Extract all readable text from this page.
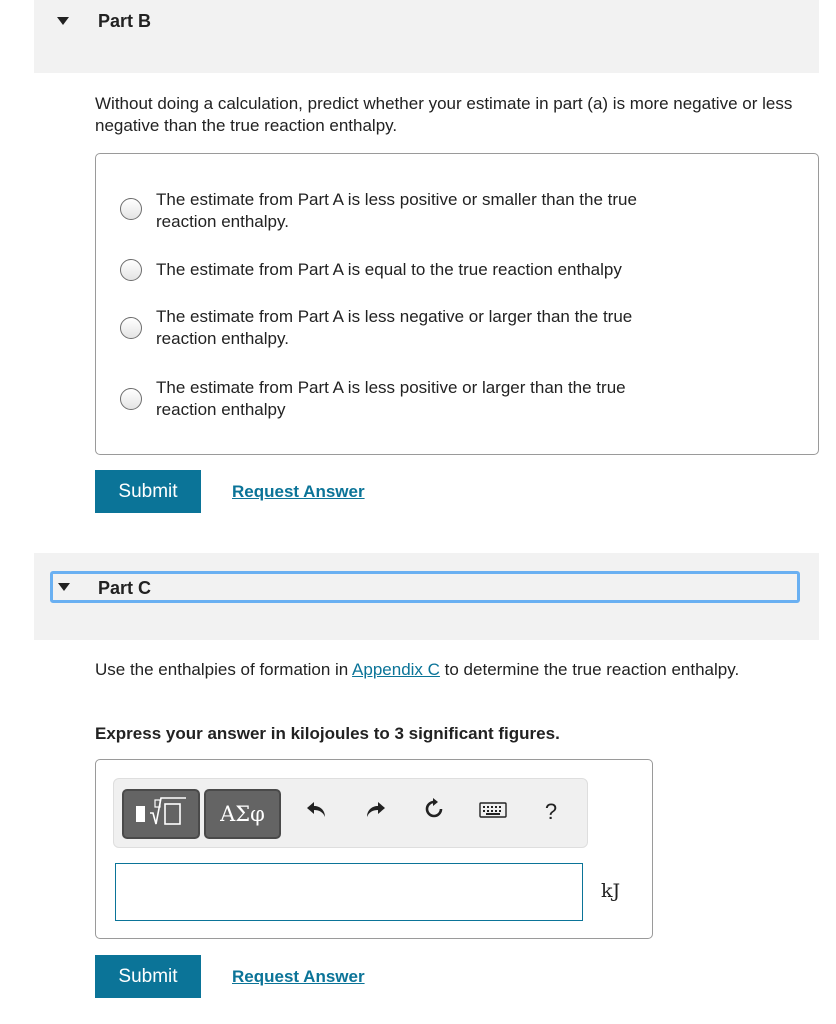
Part B
Without doing a calculation, predict whether your estimate in part (a) is more negative or less negative than the true reaction enthalpy.
The estimate from Part A is less positive or smaller than the true
reaction enthalpy.
The estimate from Part A is equal to the true reaction enthalpy
The estimate from Part A is less negative or larger than the true
reaction enthalpy.
The estimate from Part A is less positive or larger than the true
reaction enthalpy
Submit	Request Answer
Part C
Use the enthalpies of formation in Appendix C to determine the true reaction enthalpy.
Express your answer in kilojoules to 3 significant figures.
ΑΣφ	?
kJ
Submit	Request Answer
